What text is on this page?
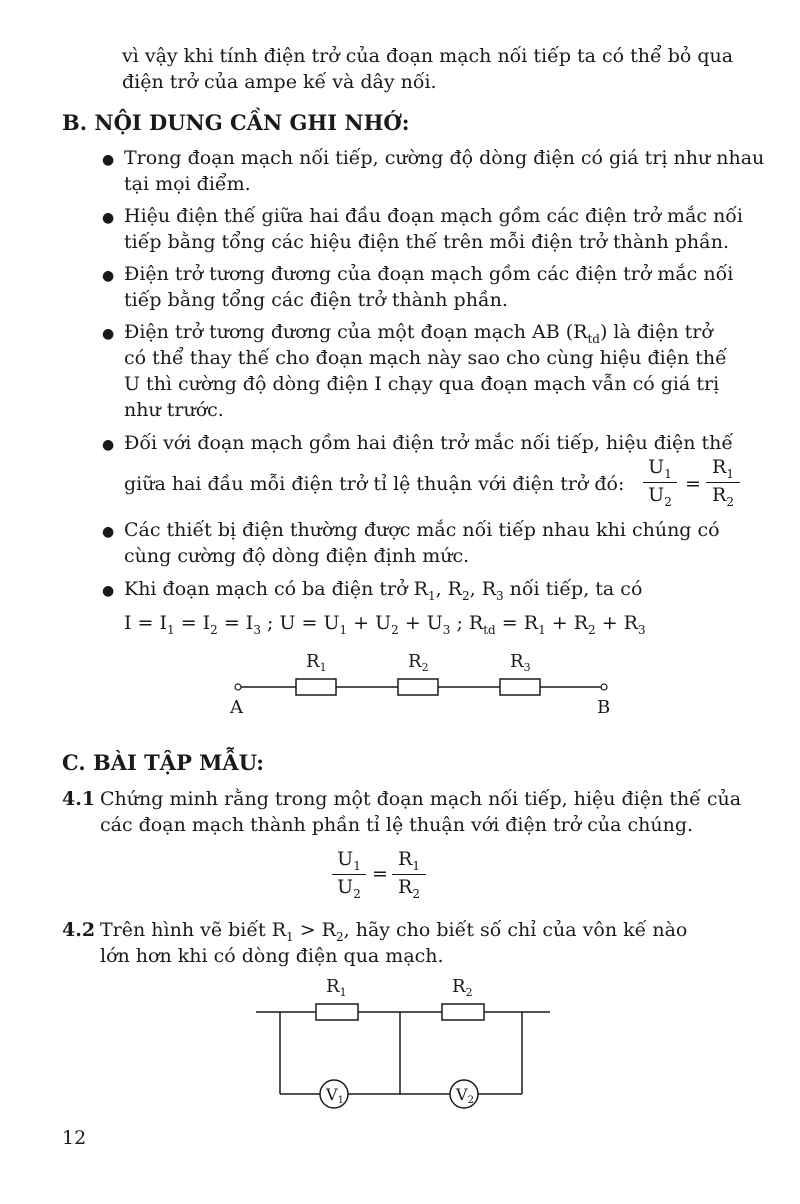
vì vậy khi tính điện trở của đoạn mạch nối tiếp ta có thể bỏ qua
điện trở của ampe kế và dây nối.
B. NỘI DUNG CẦN GHI NHỚ:
● Trong đoạn mạch nối tiếp, cường độ dòng điện có giá trị như nhau
tại mọi điểm.
● Hiệu điện thế giữa hai đầu đoạn mạch gồm các điện trở mắc nối
tiếp bằng tổng các hiệu điện thế trên mỗi điện trở thành phần.
● Điện trở tương đương của đoạn mạch gồm các điện trở mắc nối
tiếp bằng tổng các điện trở thành phần.
● Điện trở tương đương của một đoạn mạch AB $(R_{td})$ là điện trở
có thể thay thế cho đoạn mạch này sao cho cùng hiệu điện thế
U thì cường độ dòng điện I chạy qua đoạn mạch vẫn có giá trị
như trước.
● Đối với đoạn mạch gồm hai điện trở mắc nối tiếp, hiệu điện thế
giữa hai đầu mỗi điện trở tỉ lệ thuận với điện trở đó:
$U_1$
$U_2$
=
$R_1$
$R_2$
● Các thiết bị điện thường được mắc nối tiếp nhau khi chúng có
cùng cường độ dòng điện định mức.
● Khi đoạn mạch có ba điện trở $R_1$, $R_2$, $R_3$ nối tiếp, ta có
$I = I_1 = I_2 = I_3$ ; $U = U_1 + U_2 + U_3$ ; $R_{td} = R_1 + R_2 + R_3$
$R_1$	$R_2$	$R_3$
A	B
C. BÀI TẬP MẪU:
4.1 Chứng minh rằng trong một đoạn mạch nối tiếp, hiệu điện thế của
các đoạn mạch thành phần tỉ lệ thuận với điện trở của chúng.
$U_1$
$U_2$
=
$R_1$
$R_2$
4.2 Trên hình vẽ biết $R_1 > R_2$, hãy cho biết số chỉ của vôn kế nào
lớn hơn khi có dòng điện qua mạch.
$R_1$	$R_2$
V1	V2
12
